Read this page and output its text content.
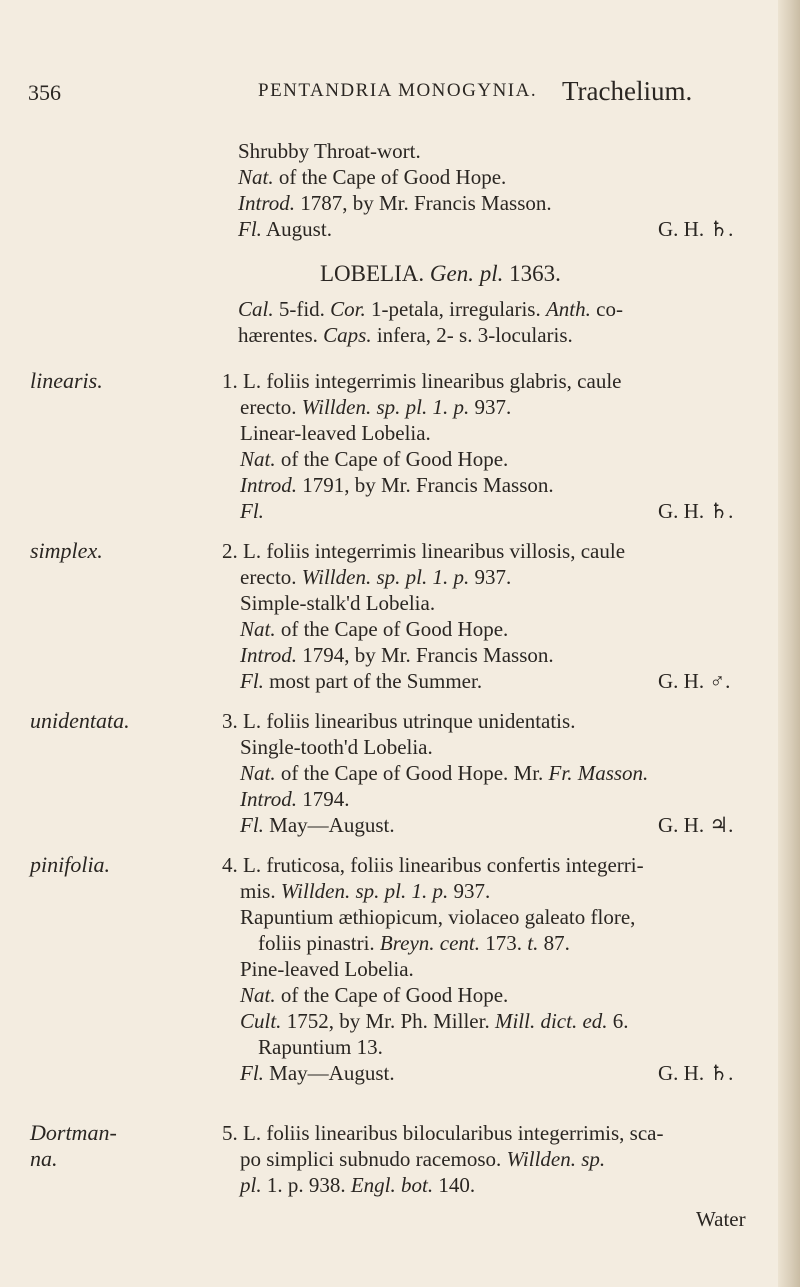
356	PENTANDRIA MONOGYNIA. Trachelium.
Shrubby Throat-wort.
Nat. of the Cape of Good Hope.
Introd. 1787, by Mr. Francis Masson.
Fl. August.	G. H. ♄.
LOBELIA. Gen. pl. 1363.
Cal. 5-fid. Cor. 1-petala, irregularis. Anth. co-
hærentes. Caps. infera, 2- s. 3-locularis.
linearis.	1. L. foliis integerrimis linearibus glabris, caule
erecto. Willden. sp. pl. 1. p. 937.
Linear-leaved Lobelia.
Nat. of the Cape of Good Hope.
Introd. 1791, by Mr. Francis Masson.
Fl.	G. H. ♄.
simplex.	2. L. foliis integerrimis linearibus villosis, caule
erecto. Willden. sp. pl. 1. p. 937.
Simple-stalk'd Lobelia.
Nat. of the Cape of Good Hope.
Introd. 1794, by Mr. Francis Masson.
Fl. most part of the Summer.	G. H. ♂.
unidentata.	3. L. foliis linearibus utrinque unidentatis.
Single-tooth'd Lobelia.
Nat. of the Cape of Good Hope. Mr. Fr. Masson.
Introd. 1794.
Fl. May—August.	G. H. ♃.
pinifolia.	4. L. fruticosa, foliis linearibus confertis integerri-
mis. Willden. sp. pl. 1. p. 937.
Rapuntium æthiopicum, violaceo galeato flore,
foliis pinastri. Breyn. cent. 173. t. 87.
Pine-leaved Lobelia.
Nat. of the Cape of Good Hope.
Cult. 1752, by Mr. Ph. Miller. Mill. dict. ed. 6.
Rapuntium 13.
Fl. May—August.	G. H. ♄.
Dortman-
na.
5. L. foliis linearibus bilocularibus integerrimis, sca-
po simplici subnudo racemoso. Willden. sp.
pl. 1. p. 938. Engl. bot. 140.
Water
